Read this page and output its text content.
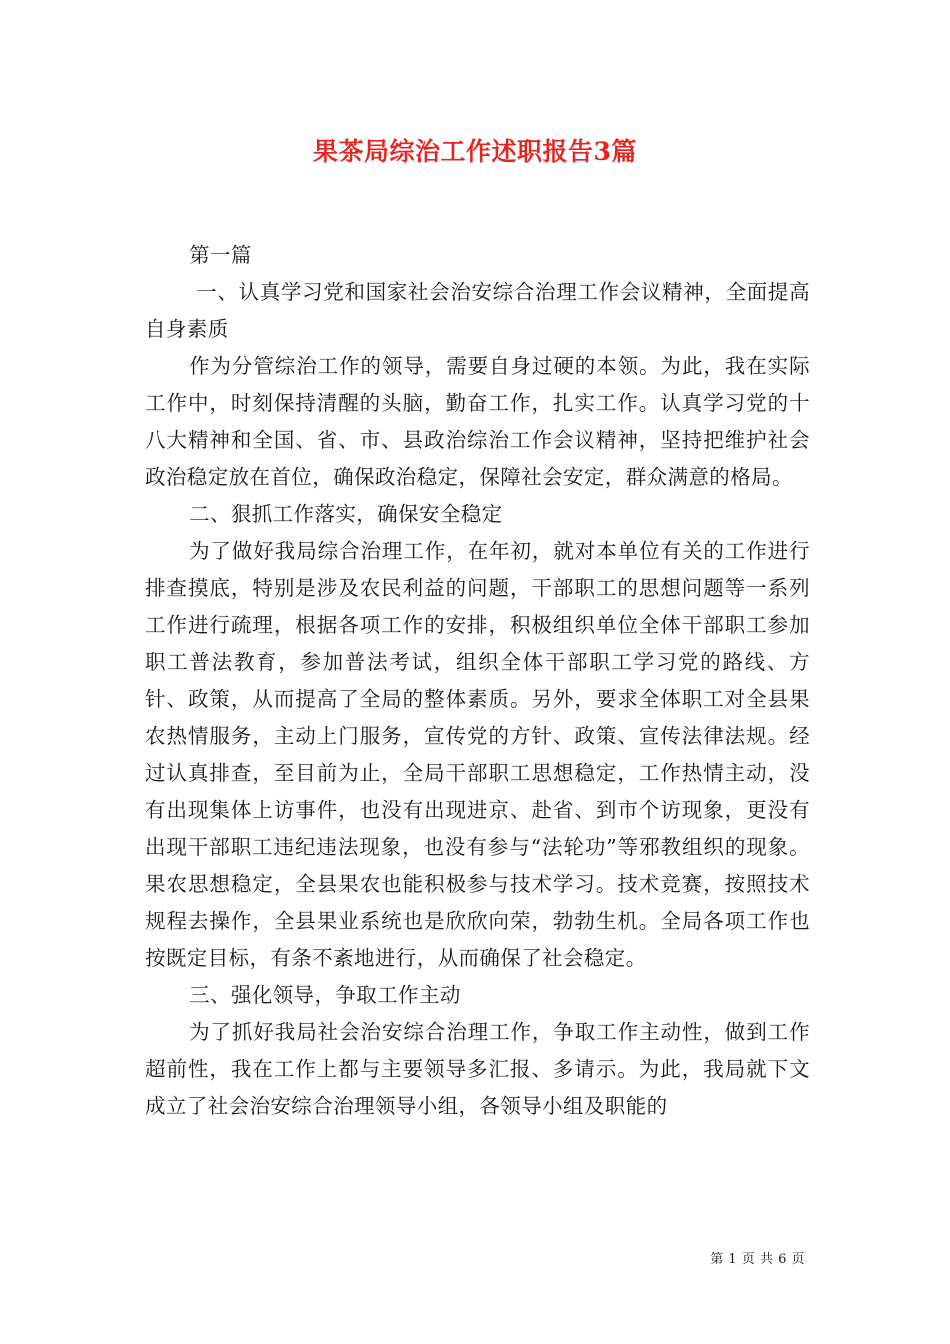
果茶局综治工作述职报告3篇

第一篇

一、认真学习党和国家社会治安综合治理工作会议精神，全面提高自身素质

作为分管综治工作的领导，需要自身过硬的本领。为此，我在实际工作中，时刻保持清醒的头脑，勤奋工作，扎实工作。认真学习党的十八大精神和全国、省、市、县政治综治工作会议精神，坚持把维护社会政治稳定放在首位，确保政治稳定，保障社会安定，群众满意的格局。

二、狠抓工作落实，确保安全稳定

为了做好我局综合治理工作，在年初，就对本单位有关的工作进行排查摸底，特别是涉及农民利益的问题，干部职工的思想问题等一系列工作进行疏理，根据各项工作的安排，积极组织单位全体干部职工参加职工普法教育，参加普法考试，组织全体干部职工学习党的路线、方针、政策，从而提高了全局的整体素质。另外，要求全体职工对全县果农热情服务，主动上门服务，宣传党的方针、政策、宣传法律法规。经过认真排查，至目前为止，全局干部职工思想稳定，工作热情主动，没有出现集体上访事件，也没有出现进京、赴省、到市个访现象，更没有出现干部职工违纪违法现象，也没有参与“法轮功”等邪教组织的现象。果农思想稳定，全县果农也能积极参与技术学习。技术竞赛，按照技术规程去操作，全县果业系统也是欣欣向荣，勃勃生机。全局各项工作也按既定目标，有条不紊地进行，从而确保了社会稳定。

三、强化领导，争取工作主动

为了抓好我局社会治安综合治理工作，争取工作主动性，做到工作超前性，我在工作上都与主要领导多汇报、多请示。为此，我局就下文成立了社会治安综合治理领导小组，各领导小组及职能的

第 1 页 共 6 页
